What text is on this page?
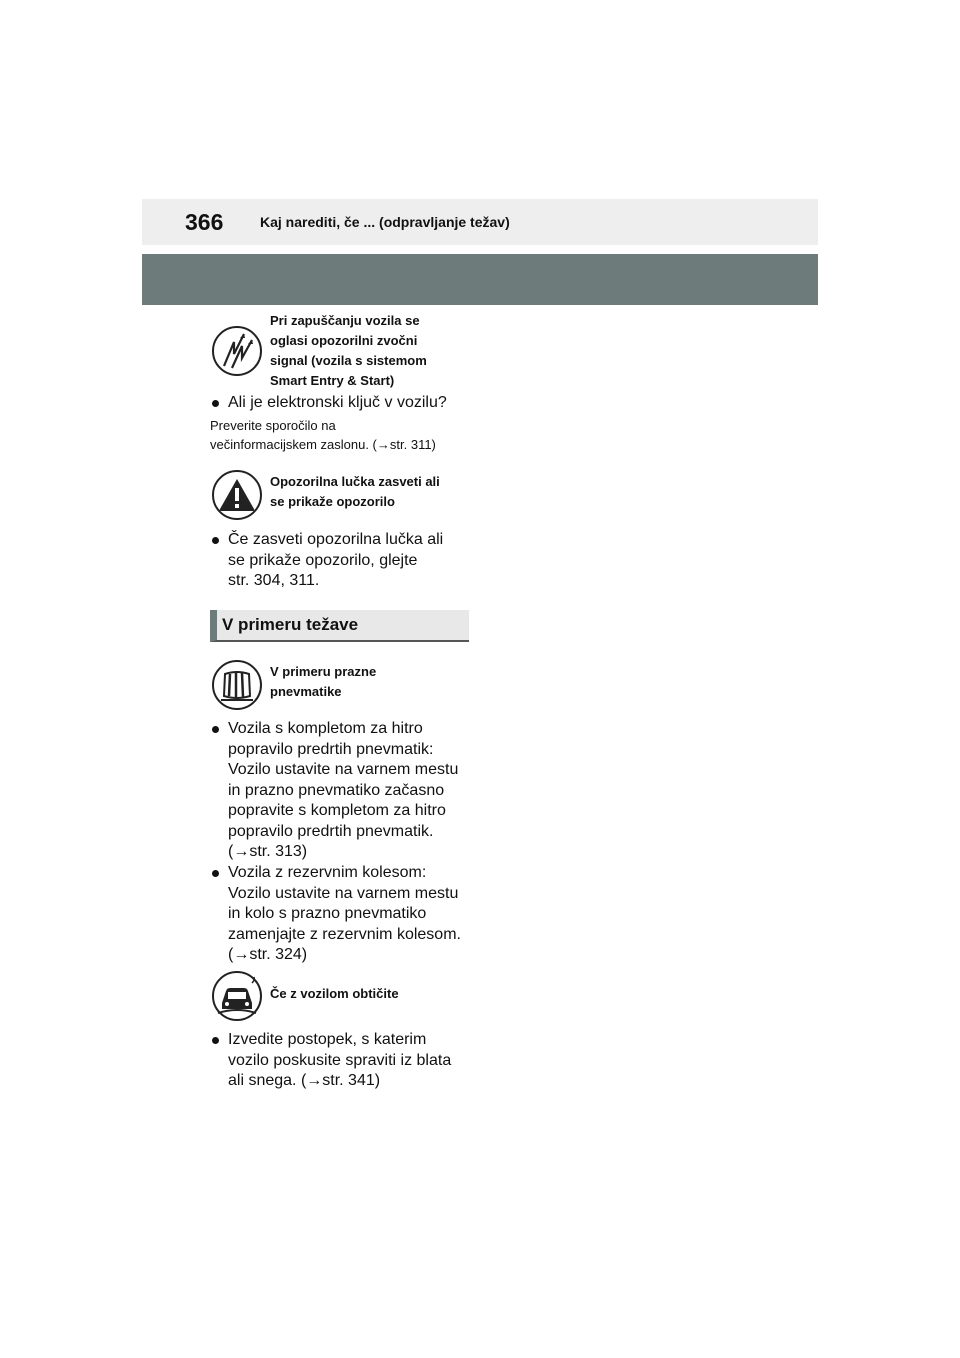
366	Kaj narediti, če ... (odpravljanje težav)
Pri zapuščanju vozila se
oglasi opozorilni zvočni
signal (vozila s sistemom
Smart Entry & Start)
Ali je elektronski ključ v vozilu?
Preverite sporočilo na
večinformacijskem zaslonu. (→str. 311)
Opozorilna lučka zasveti ali
se prikaže opozorilo
Če zasveti opozorilna lučka ali
se prikaže opozorilo, glejte
str. 304, 311.
V primeru težave
V primeru prazne
pnevmatike
Vozila s kompletom za hitro
popravilo predrtih pnevmatik:
Vozilo ustavite na varnem mestu
in prazno pnevmatiko začasno
popravite s kompletom za hitro
popravilo predrtih pnevmatik.
(→str. 313)
Vozila z rezervnim kolesom:
Vozilo ustavite na varnem mestu
in kolo s prazno pnevmatiko
zamenjajte z rezervnim kolesom.
(→str. 324)
Če z vozilom obtičite
Izvedite postopek, s katerim
vozilo poskusite spraviti iz blata
ali snega. (→str. 341)
